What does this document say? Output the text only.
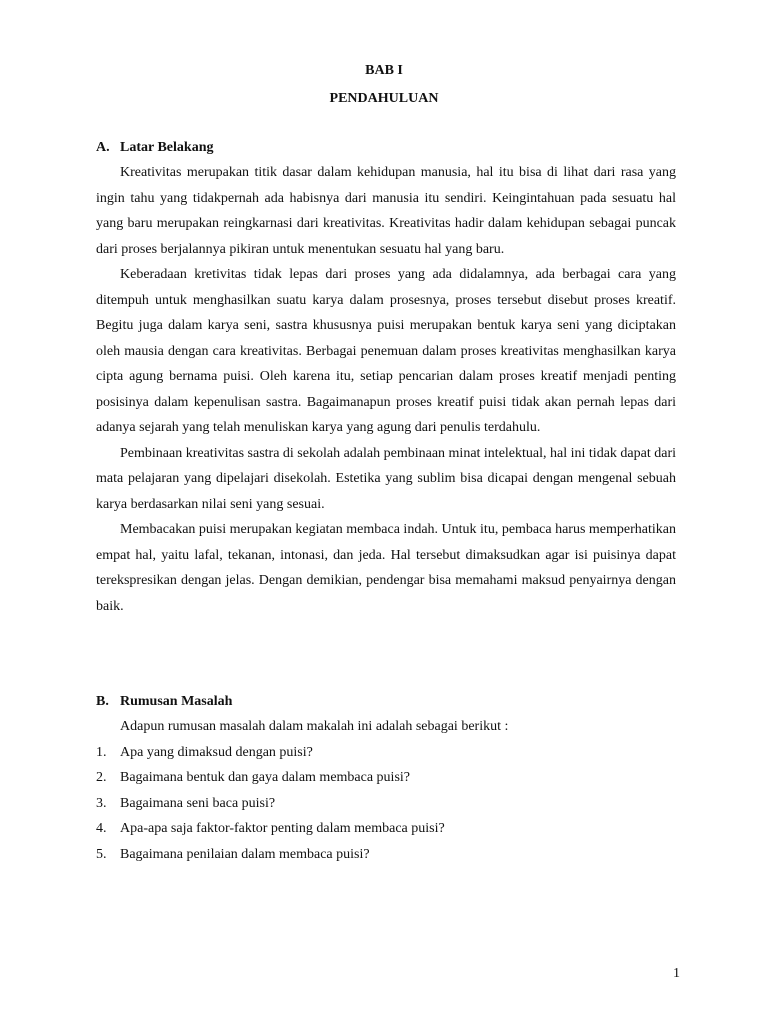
BAB I
PENDAHULUAN
A. Latar Belakang

Kreativitas merupakan titik dasar dalam kehidupan manusia, hal itu bisa di lihat dari rasa yang ingin tahu yang tidakpernah ada habisnya dari manusia itu sendiri. Keingintahuan pada sesuatu hal yang baru merupakan reingkarnasi dari kreativitas. Kreativitas hadir dalam kehidupan sebagai puncak dari proses berjalannya pikiran untuk menentukan sesuatu hal yang baru.

Keberadaan kretivitas tidak lepas dari proses yang ada didalamnya, ada berbagai cara yang ditempuh untuk menghasilkan suatu karya dalam prosesnya, proses tersebut disebut proses kreatif. Begitu juga dalam karya seni, sastra khususnya puisi merupakan bentuk karya seni yang diciptakan oleh mausia dengan cara kreativitas. Berbagai penemuan dalam proses kreativitas menghasilkan karya cipta agung bernama puisi. Oleh karena itu, setiap pencarian dalam proses kreatif menjadi penting posisinya dalam kepenulisan sastra. Bagaimanapun proses kreatif puisi tidak akan pernah lepas dari adanya sejarah yang telah menuliskan karya yang agung dari penulis terdahulu.

Pembinaan kreativitas sastra di sekolah adalah pembinaan minat intelektual, hal ini tidak dapat dari mata pelajaran yang dipelajari disekolah. Estetika yang sublim bisa dicapai dengan mengenal sebuah karya berdasarkan nilai seni yang sesuai.

Membacakan puisi merupakan kegiatan membaca indah. Untuk itu, pembaca harus memperhatikan empat hal, yaitu lafal, tekanan, intonasi, dan jeda. Hal tersebut dimaksudkan agar isi puisinya dapat terekspresikan dengan jelas. Dengan demikian, pendengar bisa memahami maksud penyairnya dengan baik.

B. Rumusan Masalah

Adapun rumusan masalah dalam makalah ini adalah sebagai berikut :

1. Apa yang dimaksud dengan puisi?
2. Bagaimana bentuk dan gaya dalam membaca puisi?
3. Bagaimana seni baca puisi?
4. Apa-apa saja faktor-faktor penting dalam membaca puisi?
5. Bagaimana penilaian dalam membaca puisi?

1
